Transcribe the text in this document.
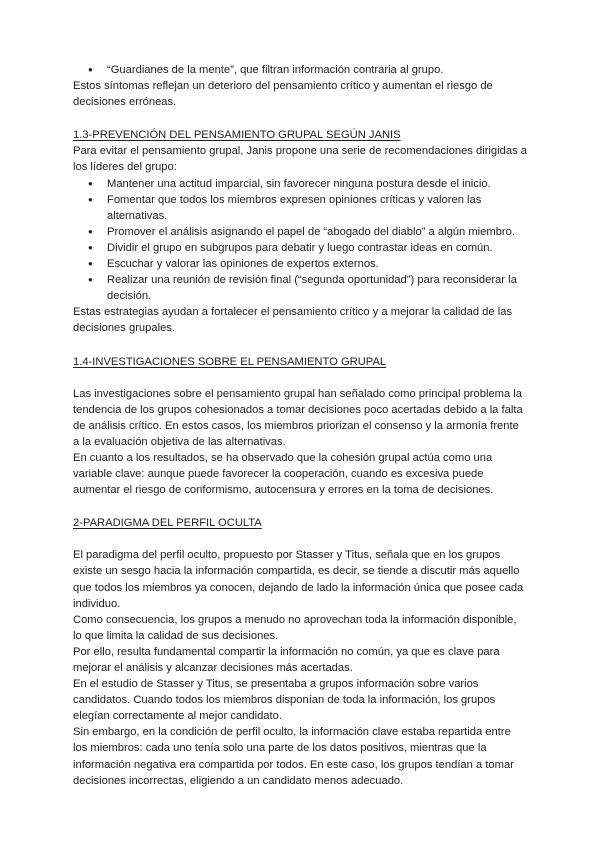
● “Guardianes de la mente”, que filtran información contraria al grupo.

Estos síntomas reflejan un deterioro del pensamiento crítico y aumentan el riesgo de decisiones erróneas.

1.3-PREVENCIÓN DEL PENSAMIENTO GRUPAL SEGÚN JANIS

Para evitar el pensamiento grupal, Janis propone una serie de recomendaciones dirigidas a los líderes del grupo:

● Mantener una actitud imparcial, sin favorecer ninguna postura desde el inicio.
● Fomentar que todos los miembros expresen opiniones críticas y valoren las alternativas.
● Promover el análisis asignando el papel de “abogado del diablo” a algún miembro.
● Dividir el grupo en subgrupos para debatir y luego contrastar ideas en común.
● Escuchar y valorar las opiniones de expertos externos.
● Realizar una reunión de revisión final (“segunda oportunidad”) para reconsiderar la decisión.

Estas estrategias ayudan a fortalecer el pensamiento crítico y a mejorar la calidad de las decisiones grupales.

1.4-INVESTIGACIONES SOBRE EL PENSAMIENTO GRUPAL

Las investigaciones sobre el pensamiento grupal han señalado como principal problema la tendencia de los grupos cohesionados a tomar decisiones poco acertadas debido a la falta de análisis crítico. En estos casos, los miembros priorizan el consenso y la armonía frente a la evaluación objetiva de las alternativas.

En cuanto a los resultados, se ha observado que la cohesión grupal actúa como una variable clave: aunque puede favorecer la cooperación, cuando es excesiva puede aumentar el riesgo de conformismo, autocensura y errores en la toma de decisiones.

2-PARADIGMA DEL PERFIL OCULTA

El paradigma del perfil oculto, propuesto por Stasser y Titus, señala que en los grupos existe un sesgo hacia la información compartida, es decir, se tiende a discutir más aquello que todos los miembros ya conocen, dejando de lado la información única que posee cada individuo.

Como consecuencia, los grupos a menudo no aprovechan toda la información disponible, lo que limita la calidad de sus decisiones.

Por ello, resulta fundamental compartir la información no común, ya que es clave para mejorar el análisis y alcanzar decisiones más acertadas.

En el estudio de Stasser y Titus, se presentaba a grupos información sobre varios candidatos. Cuando todos los miembros disponían de toda la información, los grupos elegían correctamente al mejor candidato.

Sin embargo, en la condición de perfil oculto, la información clave estaba repartida entre los miembros: cada uno tenía solo una parte de los datos positivos, mientras que la información negativa era compartida por todos. En este caso, los grupos tendían a tomar decisiones incorrectas, eligiendo a un candidato menos adecuado.
